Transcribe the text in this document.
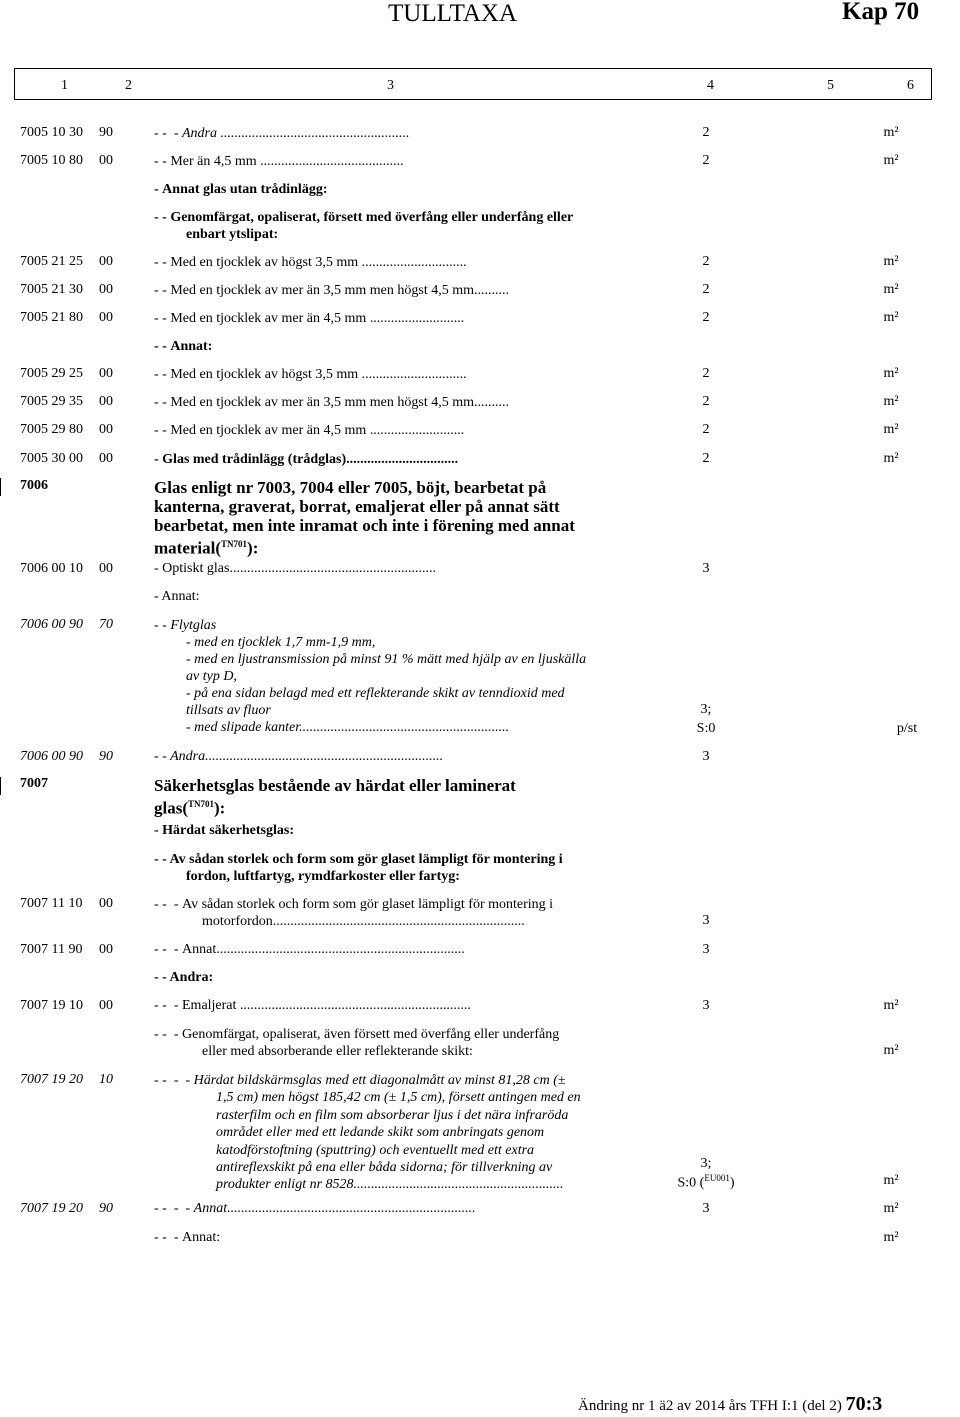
TULLTAXA	Kap 70
1	2	3	4	5	6
7005 10 30 90	- -  - Andra ......................................................	2	m²
7005 10 80 00	- - Mer än 4,5 mm .........................................	2	m²
- Annat glas utan trådinlägg:
- - Genomfärgat, opaliserat, försett med överfång eller underfång eller
enbart ytslipat:
7005 21 25 00	- - Med en tjocklek av högst 3,5 mm ..............................	2	m²
7005 21 30 00	- - Med en tjocklek av mer än 3,5 mm men högst 4,5 mm..........	2	m²
7005 21 80 00	- - Med en tjocklek av mer än 4,5 mm ...........................	2	m²
- - Annat:
7005 29 25 00	- - Med en tjocklek av högst 3,5 mm ..............................	2	m²
7005 29 35 00	- - Med en tjocklek av mer än 3,5 mm men högst 4,5 mm..........	2	m²
7005 29 80 00	- - Med en tjocklek av mer än 4,5 mm ...........................	2	m²
7005 30 00 00	- Glas med trådinlägg (trådglas)................................	2	m²
7006	Glas enligt nr 7003, 7004 eller 7005, böjt, bearbetat på
kanterna, graverat, borrat, emaljerat eller på annat sätt
bearbetat, men inte inramat och inte i förening med annat
material($^{TN701}$):
7006 00 10 00	- Optiskt glas...........................................................	3
- Annat:
7006 00 90 70	- - Flytglas
- med en tjocklek 1,7 mm-1,9 mm,
- med en ljustransmission på minst 91 % mätt med hjälp av en ljuskälla
av typ D,
- på ena sidan belagd med ett reflekterande skikt av tenndioxid med
tillsats av fluor
- med slipade kanter............................................................
3;
S:0	p/st
7006 00 90 90	- - Andra....................................................................	3
7007	Säkerhetsglas bestående av härdat eller laminerat
glas($^{TN701}$):
- Härdat säkerhetsglas:
- - Av sådan storlek och form som gör glaset lämpligt för montering i
fordon, luftfartyg, rymdfarkoster eller fartyg:
7007 11 10 00	- -  - Av sådan storlek och form som gör glaset lämpligt för montering i
motorfordon........................................................................	3
7007 11 90 00	- -  - Annat.......................................................................	3
- - Andra:
7007 19 10 00	- -  - Emaljerat ..................................................................	3	m²
- -  - Genomfärgat, opaliserat, även försett med överfång eller underfång
eller med absorberande eller reflekterande skikt:	m²
7007 19 20 10	- -  -  - Härdat bildskärmsglas med ett diagonalmått av minst 81,28 cm (±
1,5 cm) men högst 185,42 cm (± 1,5 cm), försett antingen med en
rasterfilm och en film som absorberar ljus i det nära infraröda
området eller med ett ledande skikt som anbringats genom
katodförstoftning (sputtring) och eventuellt med ett extra
antireflexskikt på ena eller båda sidorna; för tillverkning av
produkter enligt nr 8528............................................................
3;
S:0 ($^{EU001}$)	m²
7007 19 20 90	- -  -  - Annat.......................................................................	3	m²
- -  - Annat:	m²
Ändring nr 1 ä2 av 2014 års TFH I:1 (del 2) 70:3
